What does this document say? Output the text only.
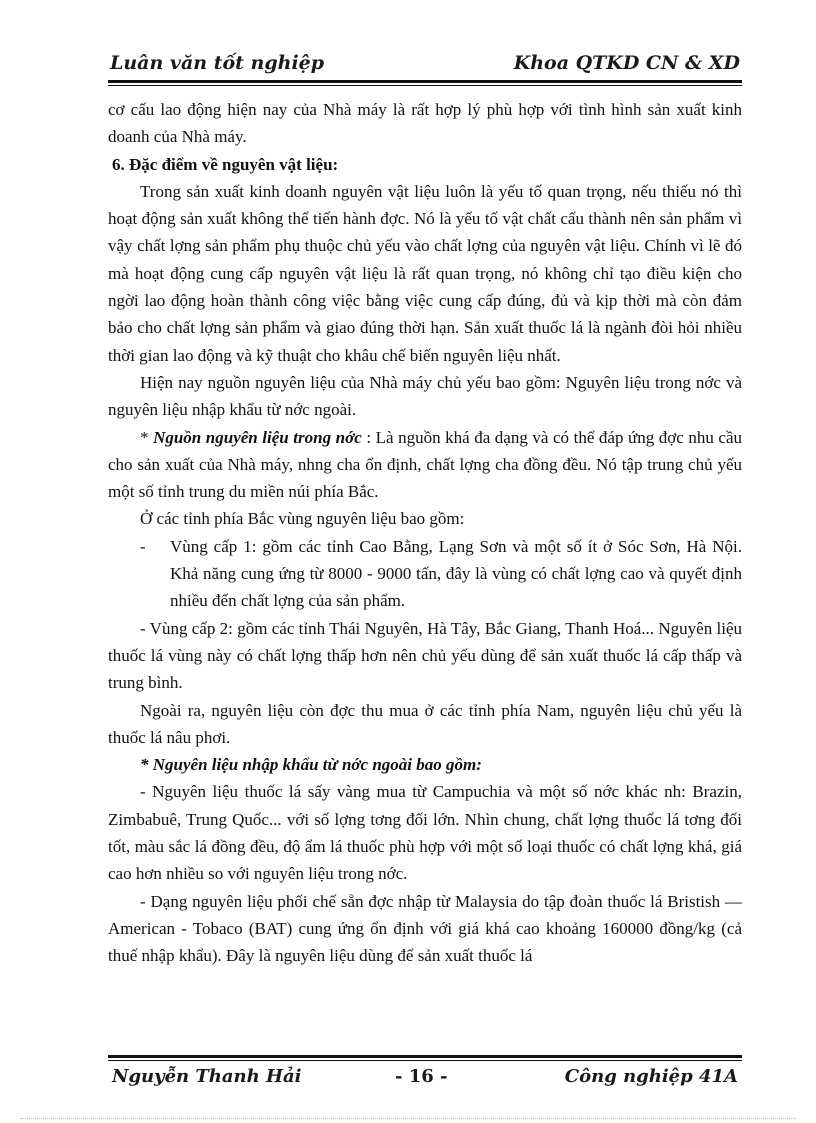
Luân văn tốt nghiệp	Khoa QTKD CN & XD

cơ cấu lao động hiện nay của Nhà máy là rất hợp lý phù hợp với tình hình sản xuất kinh doanh của Nhà máy.

6. Đặc điểm về nguyên vật liệu:

Trong sản xuất kinh doanh nguyên vật liệu luôn là yếu tố quan trọng, nếu thiếu nó thì hoạt động sản xuất không thể tiến hành đợc. Nó là yếu tố vật chất cấu thành nên sản phẩm vì vậy chất lợng sản phẩm phụ thuộc chủ yếu vào chất lợng của nguyên vật liệu. Chính vì lẽ đó mà hoạt động cung cấp nguyên vật liệu là rất quan trọng, nó không chỉ tạo điều kiện cho ngời lao động hoàn thành công việc bằng việc cung cấp đúng, đủ và kịp thời mà còn đảm bảo cho chất lợng sản phẩm và giao đúng thời hạn. Sản xuất thuốc lá là ngành đòi hỏi nhiều thời gian lao động và kỹ thuật cho khâu chế biến nguyên liệu nhất.

Hiện nay nguồn nguyên liệu của Nhà máy chủ yếu bao gồm: Nguyên liệu trong nớc và nguyên liệu nhập khẩu từ nớc ngoài.

* Nguồn nguyên liệu trong nớc : Là nguồn khá đa dạng và có thể đáp ứng đợc nhu cầu cho sản xuất của Nhà máy, nhng cha ổn định, chất lợng cha đồng đều. Nó tập trung chủ yếu một số tỉnh trung du miền núi phía Bắc.

Ở các tỉnh phía Bắc vùng nguyên liệu bao gồm:

- Vùng cấp 1: gồm các tỉnh Cao Bằng, Lạng Sơn và một số ít ở Sóc Sơn, Hà Nội. Khả năng cung ứng từ 8000 - 9000 tấn, đây là vùng có chất lợng cao và quyết định nhiều đến chất lợng của sản phẩm.

- Vùng cấp 2: gồm các tỉnh Thái Nguyên, Hà Tây, Bắc Giang, Thanh Hoá... Nguyên liệu thuốc lá vùng này có chất lợng thấp hơn nên chủ yếu dùng để sản xuất thuốc lá cấp thấp và trung bình.

Ngoài ra, nguyên liệu còn đợc thu mua ở các tỉnh phía Nam, nguyên liệu chủ yếu là thuốc lá nâu phơi.

* Nguyên liệu nhập khẩu từ nớc ngoài bao gồm:

- Nguyên liệu thuốc lá sấy vàng mua từ Campuchia và một số nớc khác nh: Brazin, Zimbabuê, Trung Quốc... với số lợng tơng đối lớn. Nhìn chung, chất lợng thuốc lá tơng đối tốt, màu sắc lá đồng đều, độ ẩm lá thuốc phù hợp với một số loại thuốc có chất lợng khá, giá cao hơn nhiều so với nguyên liệu trong nớc.

- Dạng nguyên liệu phối chế sẵn đợc nhập từ Malaysia do tập đoàn thuốc lá Bristish — American - Tobaco (BAT) cung ứng ổn định với giá khá cao khoảng 160000 đồng/kg (cả thuế nhập khẩu). Đây là nguyên liệu dùng để sản xuất thuốc lá

Nguyễn Thanh Hải	- 16 -	Công nghiệp 41A
